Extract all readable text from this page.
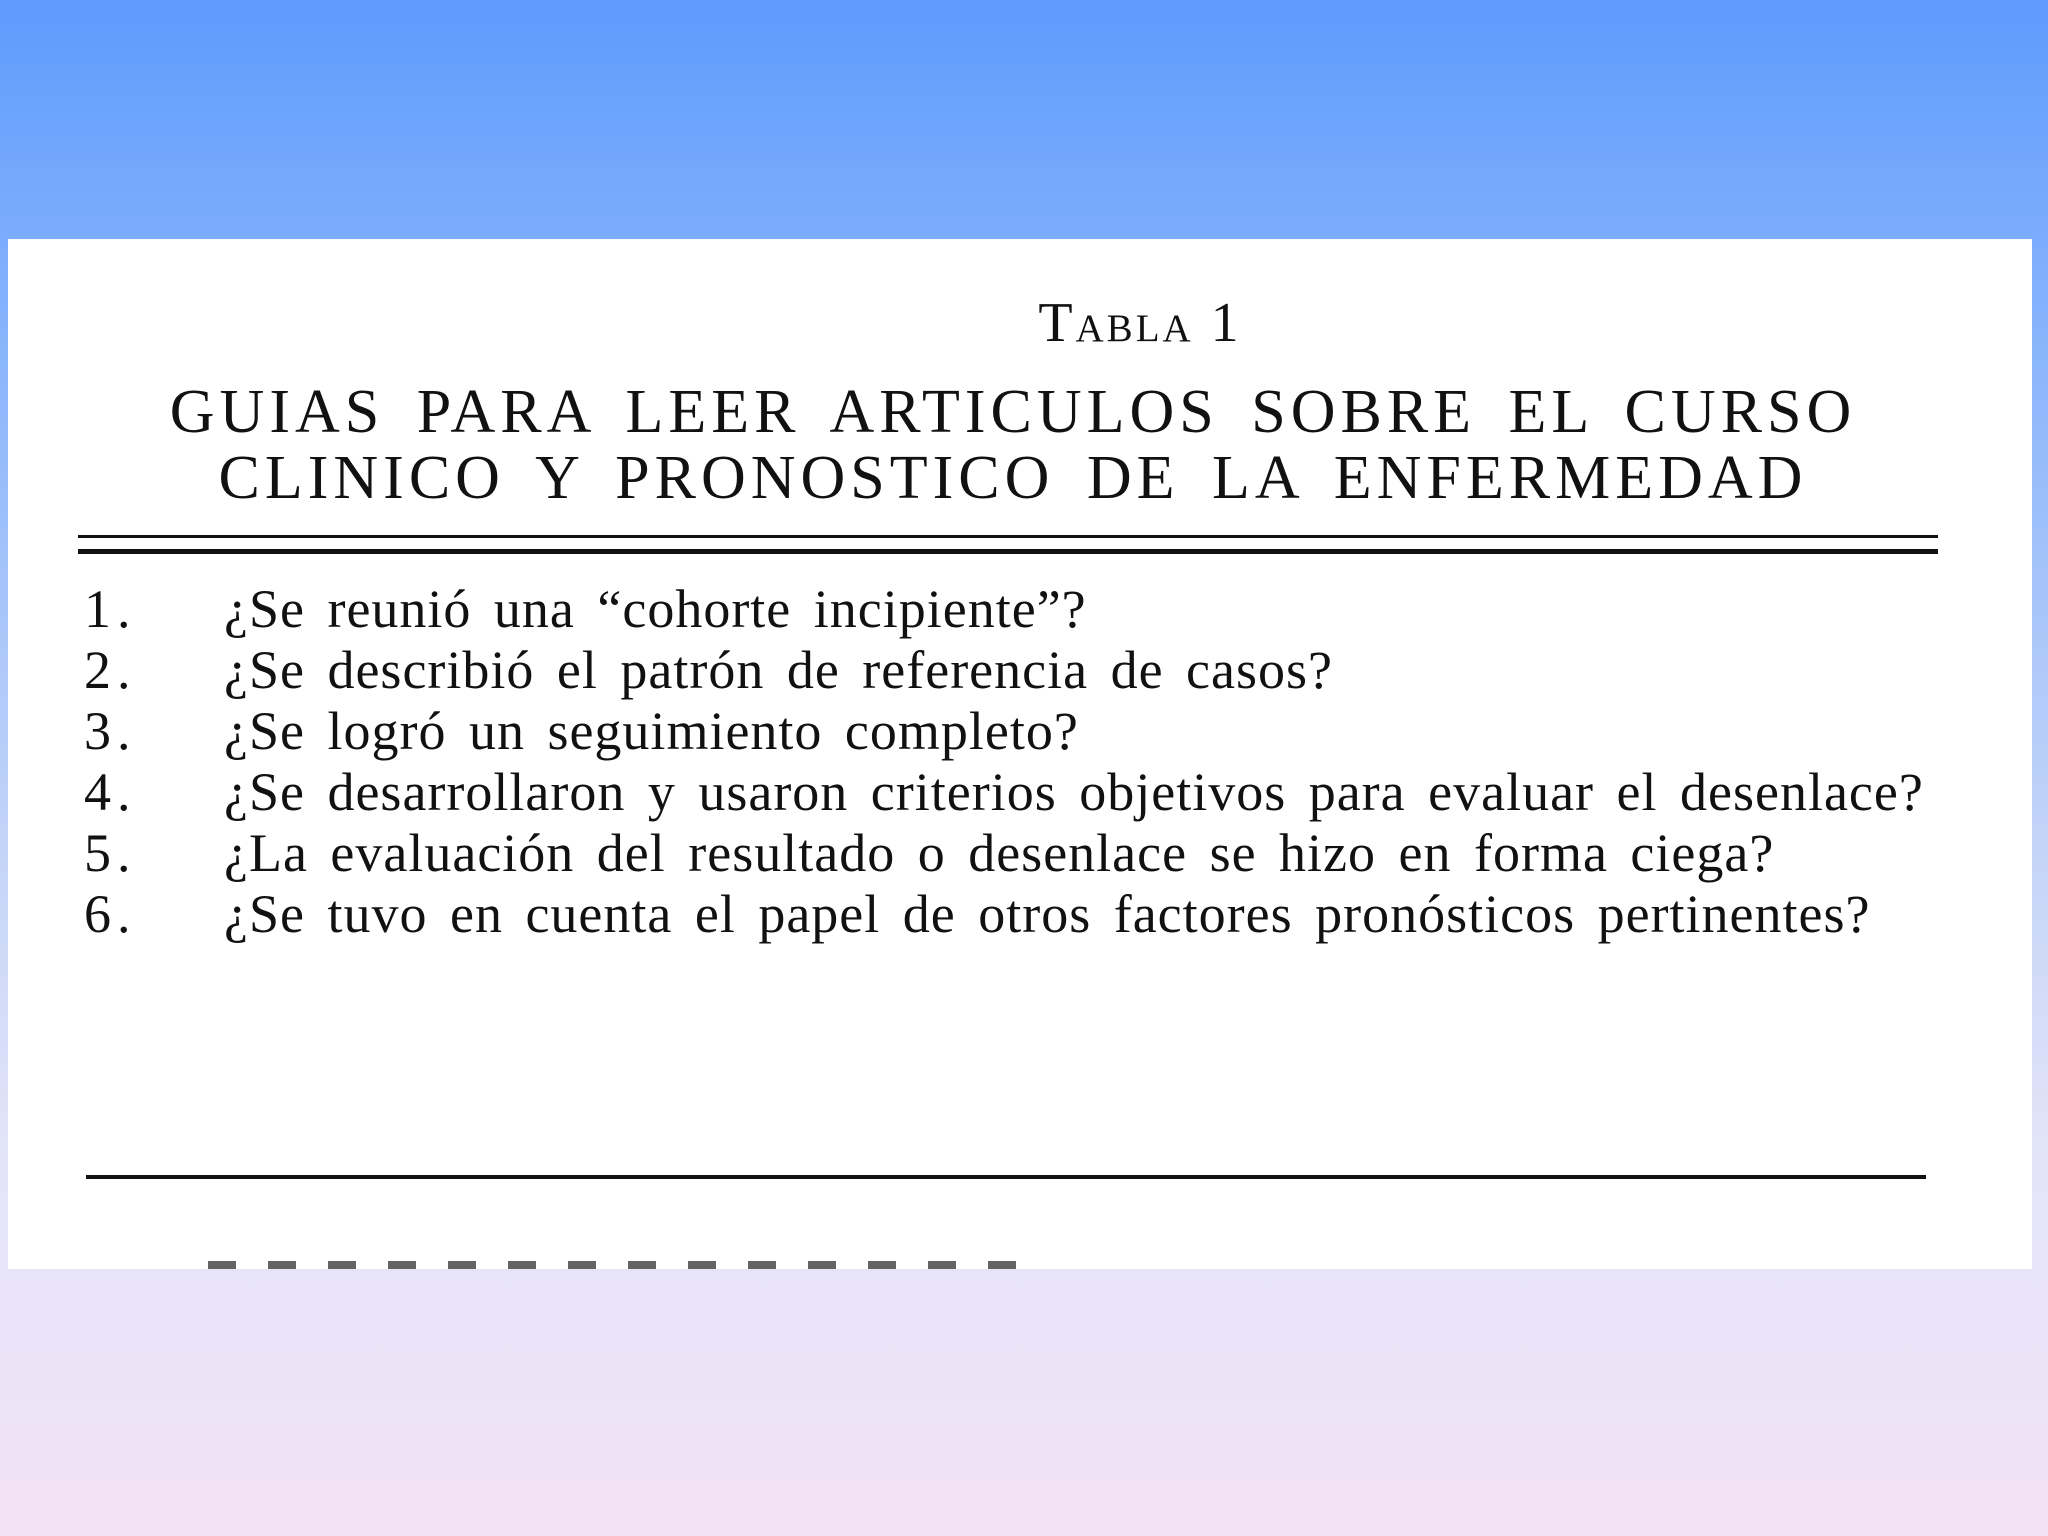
Tabla 1
GUIAS PARA LEER ARTICULOS SOBRE EL CURSO
CLINICO Y PRONOSTICO DE LA ENFERMEDAD
1.	¿Se reunió una “cohorte incipiente”?
2.	¿Se describió el patrón de referencia de casos?
3.	¿Se logró un seguimiento completo?
4.	¿Se desarrollaron y usaron criterios objetivos para evaluar el desenlace?
5.	¿La evaluación del resultado o desenlace se hizo en forma ciega?
6.	¿Se tuvo en cuenta el papel de otros factores pronósticos pertinentes?
